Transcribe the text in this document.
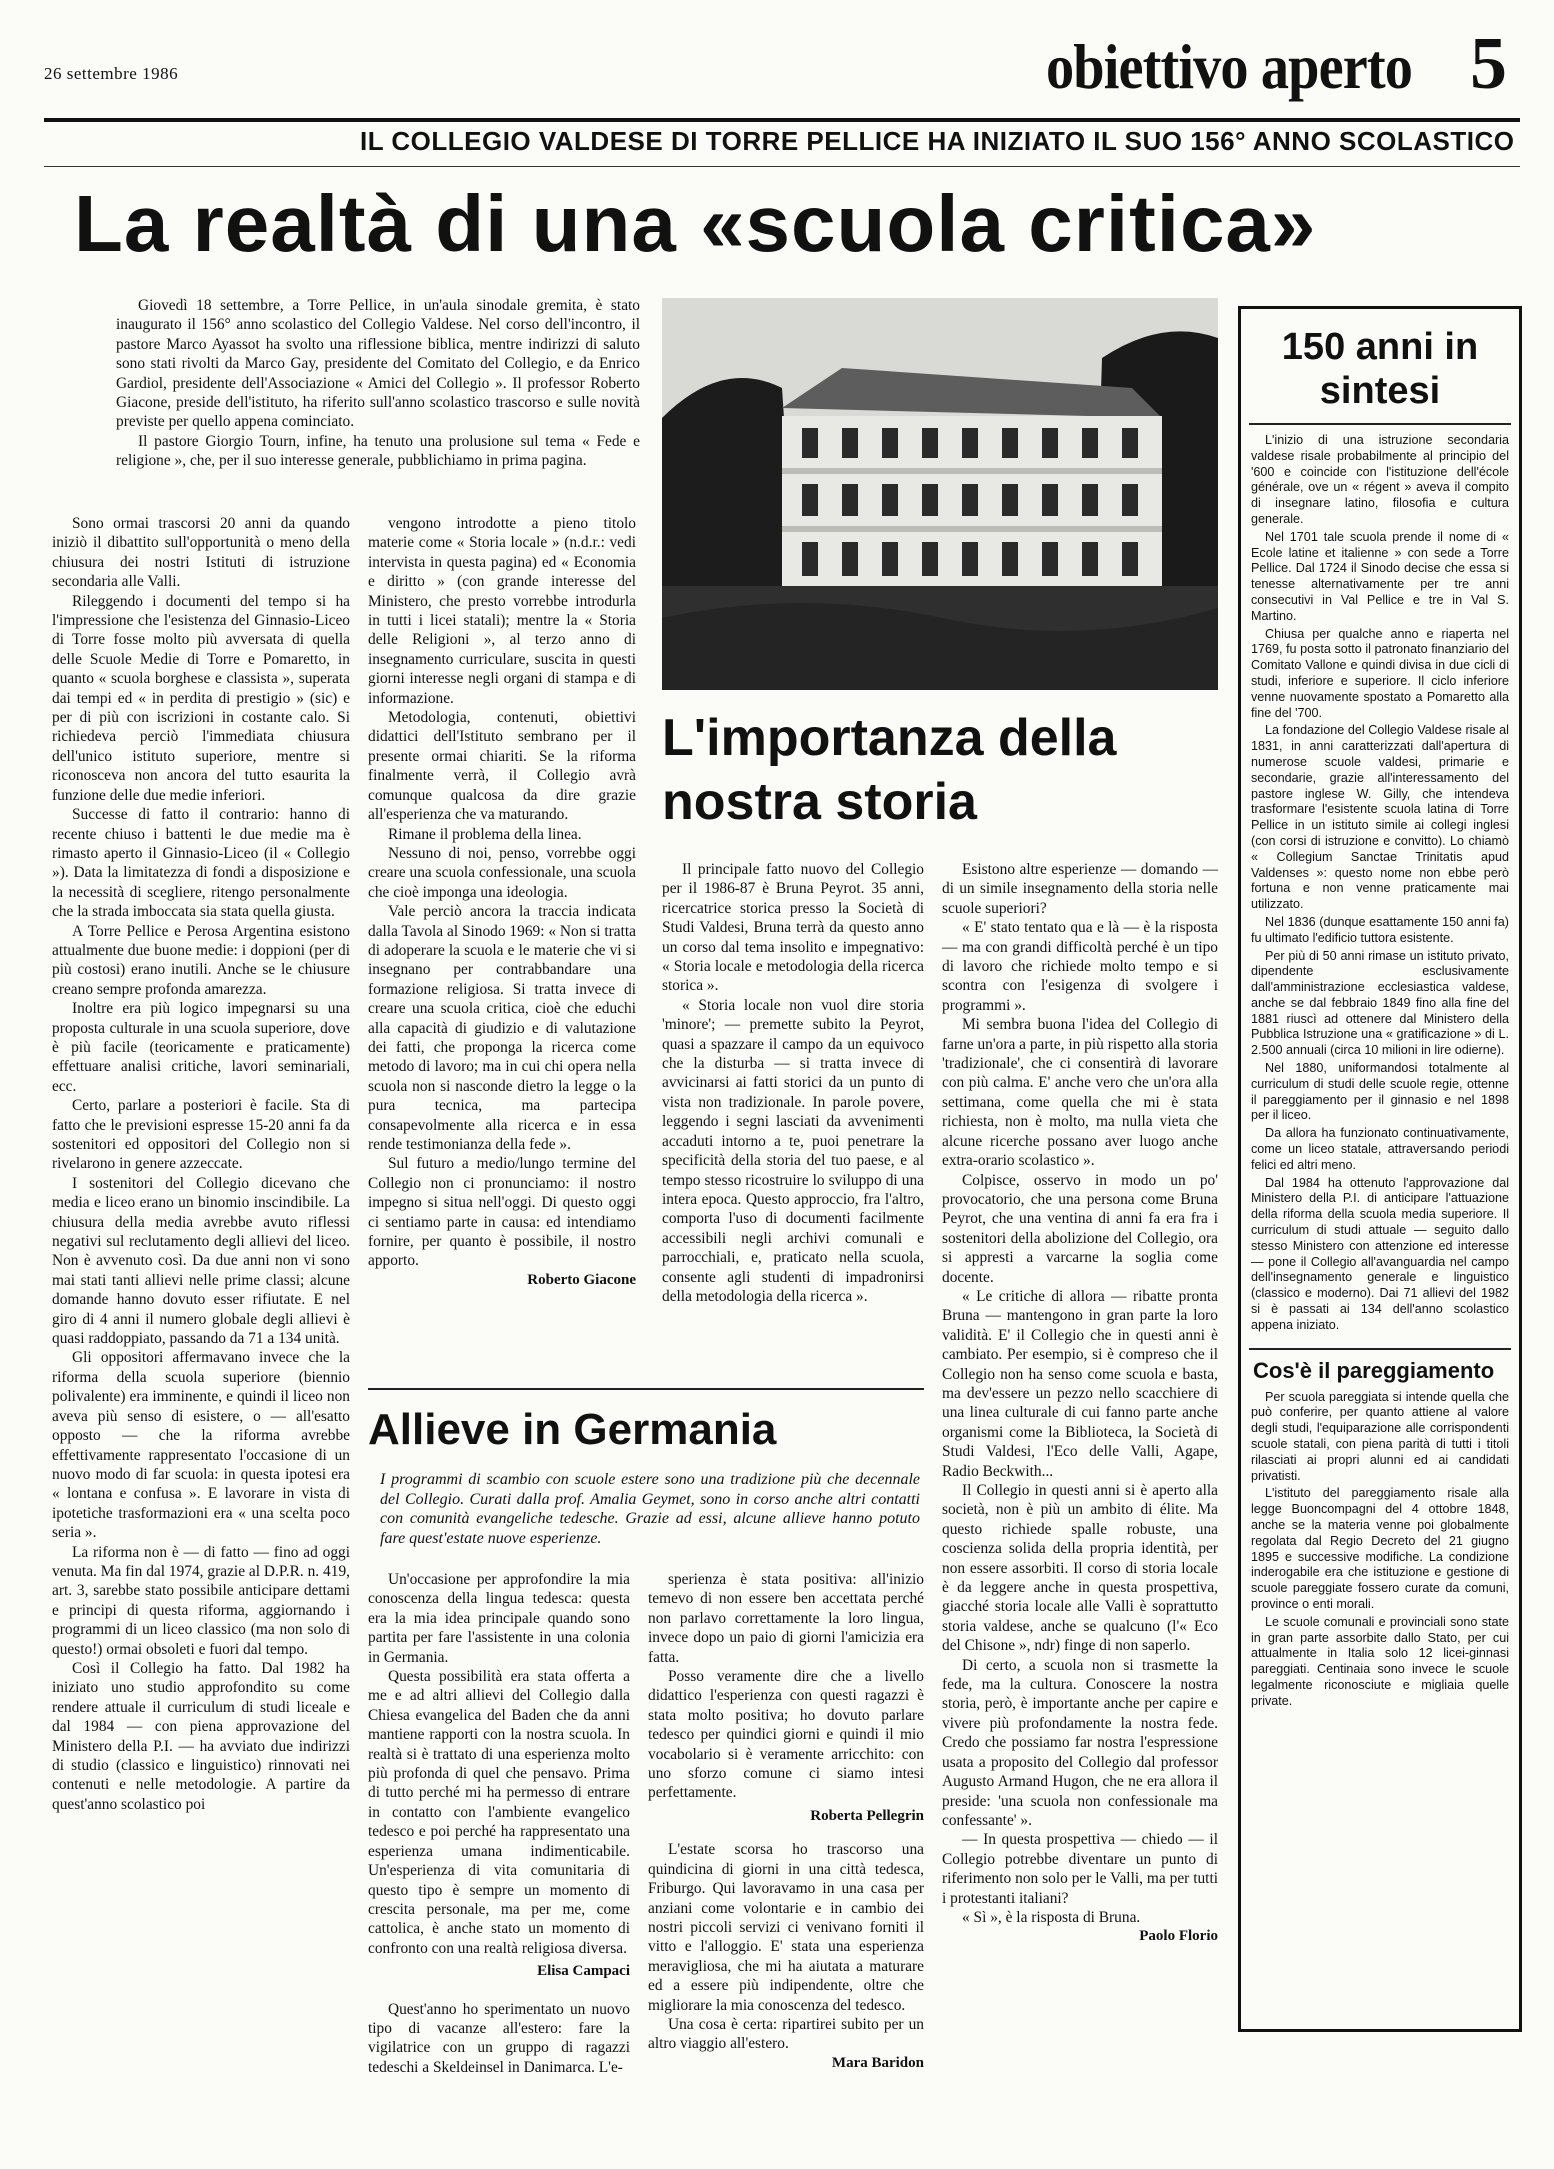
26 settembre 1986	obiettivo aperto 5
IL COLLEGIO VALDESE DI TORRE PELLICE HA INIZIATO IL SUO 156° ANNO SCOLASTICO
La realtà di una «scuola critica»

Giovedì 18 settembre, a Torre Pellice, in un'aula sinodale gremita, è stato inaugurato il 156° anno scolastico del Collegio Valdese. Nel corso dell'incontro, il pastore Marco Ayassot ha svolto una riflessione biblica, mentre indirizzi di saluto sono stati rivolti da Marco Gay, presidente del Comitato del Collegio, e da Enrico Gardiol, presidente dell'Associazione « Amici del Collegio ». Il professor Roberto Giacone, preside dell'istituto, ha riferito sull'anno scolastico trascorso e sulle novità previste per quello appena cominciato.

Il pastore Giorgio Tourn, infine, ha tenuto una prolusione sul tema « Fede e religione », che, per il suo interesse generale, pubblichiamo in prima pagina.

Sono ormai trascorsi 20 anni da quando iniziò il dibattito sull'opportunità o meno della chiusura dei nostri Istituti di istruzione secondaria alle Valli.

Rileggendo i documenti del tempo si ha l'impressione che l'esistenza del Ginnasio-Liceo di Torre fosse molto più avversata di quella delle Scuole Medie di Torre e Pomaretto, in quanto « scuola borghese e classista », superata dai tempi ed « in perdita di prestigio » (sic) e per di più con iscrizioni in costante calo. Si richiedeva perciò l'immediata chiusura dell'unico istituto superiore, mentre si riconosceva non ancora del tutto esaurita la funzione delle due medie inferiori.

Successe di fatto il contrario: hanno di recente chiuso i battenti le due medie ma è rimasto aperto il Ginnasio-Liceo (il « Collegio »). Data la limitatezza di fondi a disposizione e la necessità di scegliere, ritengo personalmente che la strada imboccata sia stata quella giusta.

A Torre Pellice e Perosa Argentina esistono attualmente due buone medie: i doppioni (per di più costosi) erano inutili. Anche se le chiusure creano sempre profonda amarezza.

Inoltre era più logico impegnarsi su una proposta culturale in una scuola superiore, dove è più facile (teoricamente e praticamente) effettuare analisi critiche, lavori seminariali, ecc.

Certo, parlare a posteriori è facile. Sta di fatto che le previsioni espresse 15-20 anni fa da sostenitori ed oppositori del Collegio non si rivelarono in genere azzeccate.

I sostenitori del Collegio dicevano che media e liceo erano un binomio inscindibile. La chiusura della media avrebbe avuto riflessi negativi sul reclutamento degli allievi del liceo. Non è avvenuto così. Da due anni non vi sono mai stati tanti allievi nelle prime classi; alcune domande hanno dovuto esser rifiutate. E nel giro di 4 anni il numero globale degli allievi è quasi raddoppiato, passando da 71 a 134 unità.

Gli oppositori affermavano invece che la riforma della scuola superiore (biennio polivalente) era imminente, e quindi il liceo non aveva più senso di esistere, o — all'esatto opposto — che la riforma avrebbe effettivamente rappresentato l'occasione di un nuovo modo di far scuola: in questa ipotesi era « lontana e confusa ». E lavorare in vista di ipotetiche trasformazioni era « una scelta poco seria ».

La riforma non è — di fatto — fino ad oggi venuta. Ma fin dal 1974, grazie al D.P.R. n. 419, art. 3, sarebbe stato possibile anticipare dettami e principi di questa riforma, aggiornando i programmi di un liceo classico (ma non solo di questo!) ormai obsoleti e fuori dal tempo.

Così il Collegio ha fatto. Dal 1982 ha iniziato uno studio approfondito su come rendere attuale il curriculum di studi liceale e dal 1984 — con piena approvazione del Ministero della P.I. — ha avviato due indirizzi di studio (classico e linguistico) rinnovati nei contenuti e nelle metodologie. A partire da quest'anno scolastico poi

vengono introdotte a pieno titolo materie come « Storia locale » (n.d.r.: vedi intervista in questa pagina) ed « Economia e diritto » (con grande interesse del Ministero, che presto vorrebbe introdurla in tutti i licei statali); mentre la « Storia delle Religioni », al terzo anno di insegnamento curriculare, suscita in questi giorni interesse negli organi di stampa e di informazione.

Metodologia, contenuti, obiettivi didattici dell'Istituto sembrano per il presente ormai chiariti. Se la riforma finalmente verrà, il Collegio avrà comunque qualcosa da dire grazie all'esperienza che va maturando.

Rimane il problema della linea.

Nessuno di noi, penso, vorrebbe oggi creare una scuola confessionale, una scuola che cioè imponga una ideologia.

Vale perciò ancora la traccia indicata dalla Tavola al Sinodo 1969: « Non si tratta di adoperare la scuola e le materie che vi si insegnano per contrabbandare una formazione religiosa. Si tratta invece di creare una scuola critica, cioè che educhi alla capacità di giudizio e di valutazione dei fatti, che proponga la ricerca come metodo di lavoro; ma in cui chi opera nella scuola non si nasconde dietro la legge o la pura tecnica, ma partecipa consapevolmente alla ricerca e in essa rende testimonianza della fede ».

Sul futuro a medio/lungo termine del Collegio non ci pronunciamo: il nostro impegno si situa nell'oggi. Di questo oggi ci sentiamo parte in causa: ed intendiamo fornire, per quanto è possibile, il nostro apporto.

Roberto Giacone
L'importanza della nostra storia

Il principale fatto nuovo del Collegio per il 1986-87 è Bruna Peyrot. 35 anni, ricercatrice storica presso la Società di Studi Valdesi, Bruna terrà da questo anno un corso dal tema insolito e impegnativo: « Storia locale e metodologia della ricerca storica ».

« Storia locale non vuol dire storia 'minore'; — premette subito la Peyrot, quasi a spazzare il campo da un equivoco che la disturba — si tratta invece di avvicinarsi ai fatti storici da un punto di vista non tradizionale. In parole povere, leggendo i segni lasciati da avvenimenti accaduti intorno a te, puoi penetrare la specificità della storia del tuo paese, e al tempo stesso ricostruire lo sviluppo di una intera epoca. Questo approccio, fra l'altro, comporta l'uso di documenti facilmente accessibili negli archivi comunali e parrocchiali, e, praticato nella scuola, consente agli studenti di impadronirsi della metodologia della ricerca ».

Esistono altre esperienze — domando — di un simile insegnamento della storia nelle scuole superiori?

« E' stato tentato qua e là — è la risposta — ma con grandi difficoltà perché è un tipo di lavoro che richiede molto tempo e si scontra con l'esigenza di svolgere i programmi ».

Mi sembra buona l'idea del Collegio di farne un'ora a parte, in più rispetto alla storia 'tradizionale', che ci consentirà di lavorare con più calma. E' anche vero che un'ora alla settimana, come quella che mi è stata richiesta, non è molto, ma nulla vieta che alcune ricerche possano aver luogo anche extra-orario scolastico ».

Colpisce, osservo in modo un po' provocatorio, che una persona come Bruna Peyrot, che una ventina di anni fa era fra i sostenitori della abolizione del Collegio, ora si appresti a varcarne la soglia come docente.

« Le critiche di allora — ribatte pronta Bruna — mantengono in gran parte la loro validità. E' il Collegio che in questi anni è cambiato. Per esempio, si è compreso che il Collegio non ha senso come scuola e basta, ma dev'essere un pezzo nello scacchiere di una linea culturale di cui fanno parte anche organismi come la Biblioteca, la Società di Studi Valdesi, l'Eco delle Valli, Agape, Radio Beckwith...

Il Collegio in questi anni si è aperto alla società, non è più un ambito di élite. Ma questo richiede spalle robuste, una coscienza solida della propria identità, per non essere assorbiti. Il corso di storia locale è da leggere anche in questa prospettiva, giacché storia locale alle Valli è soprattutto storia valdese, anche se qualcuno (l'« Eco del Chisone », ndr) finge di non saperlo.

Di certo, a scuola non si trasmette la fede, ma la cultura. Conoscere la nostra storia, però, è importante anche per capire e vivere più profondamente la nostra fede. Credo che possiamo far nostra l'espressione usata a proposito del Collegio dal professor Augusto Armand Hugon, che ne era allora il preside: 'una scuola non confessionale ma confessante' ».

— In questa prospettiva — chiedo — il Collegio potrebbe diventare un punto di riferimento non solo per le Valli, ma per tutti i protestanti italiani?

« Sì », è la risposta di Bruna.

Paolo Florio
Allieve in Germania
I programmi di scambio con scuole estere sono una tradizione più che decennale del Collegio. Curati dalla prof. Amalia Geymet, sono in corso anche altri contatti con comunità evangeliche tedesche. Grazie ad essi, alcune allieve hanno potuto fare quest'estate nuove esperienze.

Un'occasione per approfondire la mia conoscenza della lingua tedesca: questa era la mia idea principale quando sono partita per fare l'assistente in una colonia in Germania.

Questa possibilità era stata offerta a me e ad altri allievi del Collegio dalla Chiesa evangelica del Baden che da anni mantiene rapporti con la nostra scuola. In realtà si è trattato di una esperienza molto più profonda di quel che pensavo. Prima di tutto perché mi ha permesso di entrare in contatto con l'ambiente evangelico tedesco e poi perché ha rappresentato una esperienza umana indimenticabile. Un'esperienza di vita comunitaria di questo tipo è sempre un momento di crescita personale, ma per me, come cattolica, è anche stato un momento di confronto con una realtà religiosa diversa.

Elisa Campaci

Quest'anno ho sperimentato un nuovo tipo di vacanze all'estero: fare la vigilatrice con un gruppo di ragazzi tedeschi a Skeldeinsel in Danimarca. L'e-

sperienza è stata positiva: all'inizio temevo di non essere ben accettata perché non parlavo correttamente la loro lingua, invece dopo un paio di giorni l'amicizia era fatta.

Posso veramente dire che a livello didattico l'esperienza con questi ragazzi è stata molto positiva; ho dovuto parlare tedesco per quindici giorni e quindi il mio vocabolario si è veramente arricchito: con uno sforzo comune ci siamo intesi perfettamente.

Roberta Pellegrin

L'estate scorsa ho trascorso una quindicina di giorni in una città tedesca, Friburgo. Qui lavoravamo in una casa per anziani come volontarie e in cambio dei nostri piccoli servizi ci venivano forniti il vitto e l'alloggio. E' stata una esperienza meravigliosa, che mi ha aiutata a maturare ed a essere più indipendente, oltre che migliorare la mia conoscenza del tedesco.

Una cosa è certa: ripartirei subito per un altro viaggio all'estero.

Mara Baridon
150 anni in sintesi

L'inizio di una istruzione secondaria valdese risale probabilmente al principio del '600 e coincide con l'istituzione dell'école générale, ove un « régent » aveva il compito di insegnare latino, filosofia e cultura generale.

Nel 1701 tale scuola prende il nome di « Ecole latine et italienne » con sede a Torre Pellice. Dal 1724 il Sinodo decise che essa si tenesse alternativamente per tre anni consecutivi in Val Pellice e tre in Val S. Martino.

Chiusa per qualche anno e riaperta nel 1769, fu posta sotto il patronato finanziario del Comitato Vallone e quindi divisa in due cicli di studi, inferiore e superiore. Il ciclo inferiore venne nuovamente spostato a Pomaretto alla fine del '700.

La fondazione del Collegio Valdese risale al 1831, in anni caratterizzati dall'apertura di numerose scuole valdesi, primarie e secondarie, grazie all'interessamento del pastore inglese W. Gilly, che intendeva trasformare l'esistente scuola latina di Torre Pellice in un istituto simile ai collegi inglesi (con corsi di istruzione e convitto). Lo chiamò « Collegium Sanctae Trinitatis apud Valdenses »: questo nome non ebbe però fortuna e non venne praticamente mai utilizzato.

Nel 1836 (dunque esattamente 150 anni fa) fu ultimato l'edificio tuttora esistente.

Per più di 50 anni rimase un istituto privato, dipendente esclusivamente dall'amministrazione ecclesiastica valdese, anche se dal febbraio 1849 fino alla fine del 1881 riuscì ad ottenere dal Ministero della Pubblica Istruzione una « gratificazione » di L. 2.500 annuali (circa 10 milioni in lire odierne).

Nel 1880, uniformandosi totalmente al curriculum di studi delle scuole regie, ottenne il pareggiamento per il ginnasio e nel 1898 per il liceo.

Da allora ha funzionato continuativamente, come un liceo statale, attraversando periodi felici ed altri meno.

Dal 1984 ha ottenuto l'approvazione dal Ministero della P.I. di anticipare l'attuazione della riforma della scuola media superiore. Il curriculum di studi attuale — seguito dallo stesso Ministero con attenzione ed interesse — pone il Collegio all'avanguardia nel campo dell'insegnamento generale e linguistico (classico e moderno). Dai 71 allievi del 1982 si è passati ai 134 dell'anno scolastico appena iniziato.

Cos'è il pareggiamento

Per scuola pareggiata si intende quella che può conferire, per quanto attiene al valore degli studi, l'equiparazione alle corrispondenti scuole statali, con piena parità di tutti i titoli rilasciati ai propri alunni ed ai candidati privatisti.

L'istituto del pareggiamento risale alla legge Buoncompagni del 4 ottobre 1848, anche se la materia venne poi globalmente regolata dal Regio Decreto del 21 giugno 1895 e successive modifiche. La condizione inderogabile era che istituzione e gestione di scuole pareggiate fossero curate da comuni, province o enti morali.

Le scuole comunali e provinciali sono state in gran parte assorbite dallo Stato, per cui attualmente in Italia solo 12 licei-ginnasi pareggiati. Centinaia sono invece le scuole legalmente riconosciute e migliaia quelle private.
